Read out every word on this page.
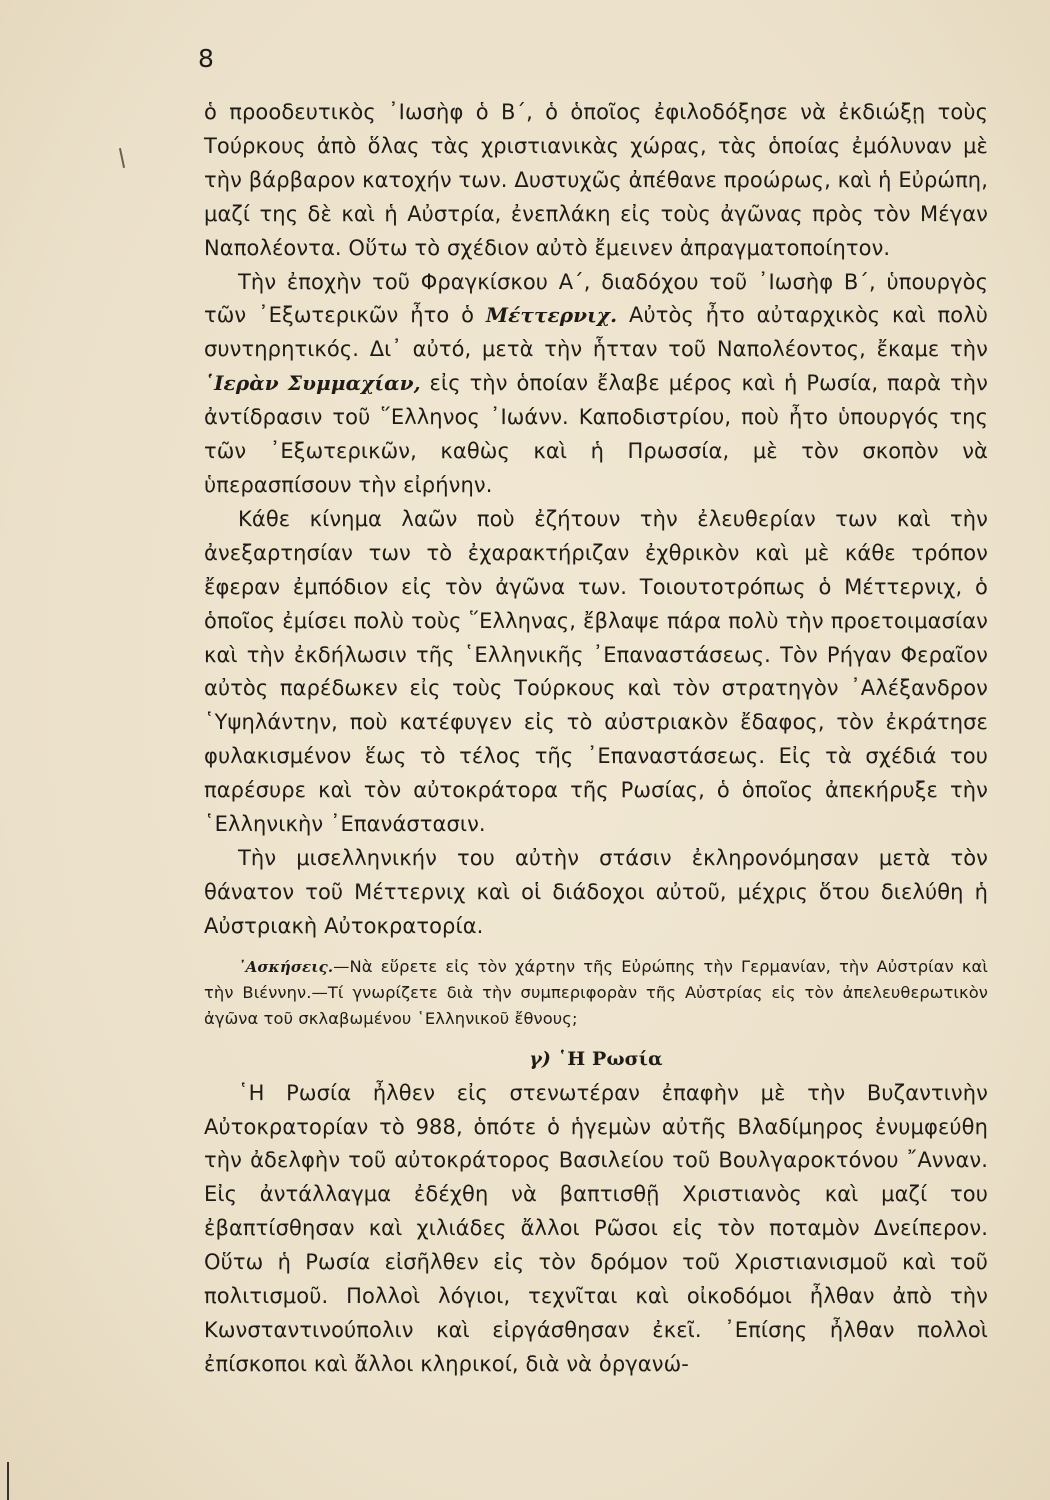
8

ὁ προοδευτικὸς ᾿Ιωσὴφ ὁ Β΄, ὁ ὁποῖος ἐφιλοδόξησε νὰ ἐκδιώξῃ τοὺς Τούρκους ἀπὸ ὅλας τὰς χριστιανικὰς χώρας, τὰς ὁποίας ἐμόλυναν μὲ τὴν βάρβαρον κατοχήν των. Δυστυχῶς ἀπέθανε προώρως, καὶ ἡ Εὐρώπη, μαζί της δὲ καὶ ἡ Αὐστρία, ἐνεπλάκη εἰς τοὺς ἀγῶνας πρὸς τὸν Μέγαν Ναπολέοντα. Οὕτω τὸ σχέδιον αὐτὸ ἔμεινεν ἀπραγματοποίητον.

Τὴν ἐποχὴν τοῦ Φραγκίσκου Α΄, διαδόχου τοῦ ᾿Ιωσὴφ Β΄, ὑπουργὸς τῶν ᾿Εξωτερικῶν ἦτο ὁ Μέττερνιχ. Αὐτὸς ἦτο αὐταρχικὸς καὶ πολὺ συντηρητικός. Δι᾿ αὐτό, μετὰ τὴν ἧτταν τοῦ Ναπολέοντος, ἔκαμε τὴν ῾Ιερὰν Συμμαχίαν, εἰς τὴν ὁποίαν ἔλαβε μέρος καὶ ἡ Ρωσία, παρὰ τὴν ἀντίδρασιν τοῦ ῞Ελληνος ᾿Ιωάνν. Καποδιστρίου, ποὺ ἦτο ὑπουργός της τῶν ᾿Εξωτερικῶν, καθὼς καὶ ἡ Πρωσσία, μὲ τὸν σκοπὸν νὰ ὑπερασπίσουν τὴν εἰρήνην.

Κάθε κίνημα λαῶν ποὺ ἐζήτουν τὴν ἐλευθερίαν των καὶ τὴν ἀνεξαρτησίαν των τὸ ἐχαρακτήριζαν ἐχθρικὸν καὶ μὲ κάθε τρόπον ἔφεραν ἐμπόδιον εἰς τὸν ἀγῶνα των. Τοιουτοτρόπως ὁ Μέττερνιχ, ὁ ὁποῖος ἐμίσει πολὺ τοὺς ῞Ελληνας, ἔβλαψε πάρα πολὺ τὴν προετοιμασίαν καὶ τὴν ἐκδήλωσιν τῆς ῾Ελληνικῆς ᾿Επαναστάσεως. Τὸν Ρήγαν Φεραῖον αὐτὸς παρέδωκεν εἰς τοὺς Τούρκους καὶ τὸν στρατηγὸν ᾿Αλέξανδρον ῾Υψηλάντην, ποὺ κατέφυγεν εἰς τὸ αὐστριακὸν ἔδαφος, τὸν ἐκράτησε φυλακισμένον ἕως τὸ τέλος τῆς ᾿Επαναστάσεως. Εἰς τὰ σχέδιά του παρέσυρε καὶ τὸν αὐτοκράτορα τῆς Ρωσίας, ὁ ὁποῖος ἀπεκήρυξε τὴν ῾Ελληνικὴν ᾿Επανάστασιν.

Τὴν μισελληνικήν του αὐτὴν στάσιν ἐκληρονόμησαν μετὰ τὸν θάνατον τοῦ Μέττερνιχ καὶ οἱ διάδοχοι αὐτοῦ, μέχρις ὅτου διελύθη ἡ Αὐστριακὴ Αὐτοκρατορία.

᾿Ασκήσεις.—Νὰ εὕρετε εἰς τὸν χάρτην τῆς Εὐρώπης τὴν Γερμανίαν, τὴν Αὐστρίαν καὶ τὴν Βιέννην.—Τί γνωρίζετε διὰ τὴν συμπεριφορὰν τῆς Αὐστρίας εἰς τὸν ἀπελευθερωτικὸν ἀγῶνα τοῦ σκλαβωμένου ῾Ελληνικοῦ ἔθνους;

γ) ῾Η Ρωσία

῾Η Ρωσία ἦλθεν εἰς στενωτέραν ἐπαφὴν μὲ τὴν Βυζαντινὴν Αὐτοκρατορίαν τὸ 988, ὁπότε ὁ ἡγεμὼν αὐτῆς Βλαδίμηρος ἐνυμφεύθη τὴν ἀδελφὴν τοῦ αὐτοκράτορος Βασιλείου τοῦ Βουλγαροκτόνου ῎Ανναν. Εἰς ἀντάλλαγμα ἐδέχθη νὰ βαπτισθῇ Χριστιανὸς καὶ μαζί του ἐβαπτίσθησαν καὶ χιλιάδες ἄλλοι Ρῶσοι εἰς τὸν ποταμὸν Δνείπερον. Οὕτω ἡ Ρωσία εἰσῆλθεν εἰς τὸν δρόμον τοῦ Χριστιανισμοῦ καὶ τοῦ πολιτισμοῦ. Πολλοὶ λόγιοι, τεχνῖται καὶ οἰκοδόμοι ἦλθαν ἀπὸ τὴν Κωνσταντινούπολιν καὶ εἰργάσθησαν ἐκεῖ. ᾿Επίσης ἦλθαν πολλοὶ ἐπίσκοποι καὶ ἄλλοι κληρικοί, διὰ νὰ ὀργανώ-
